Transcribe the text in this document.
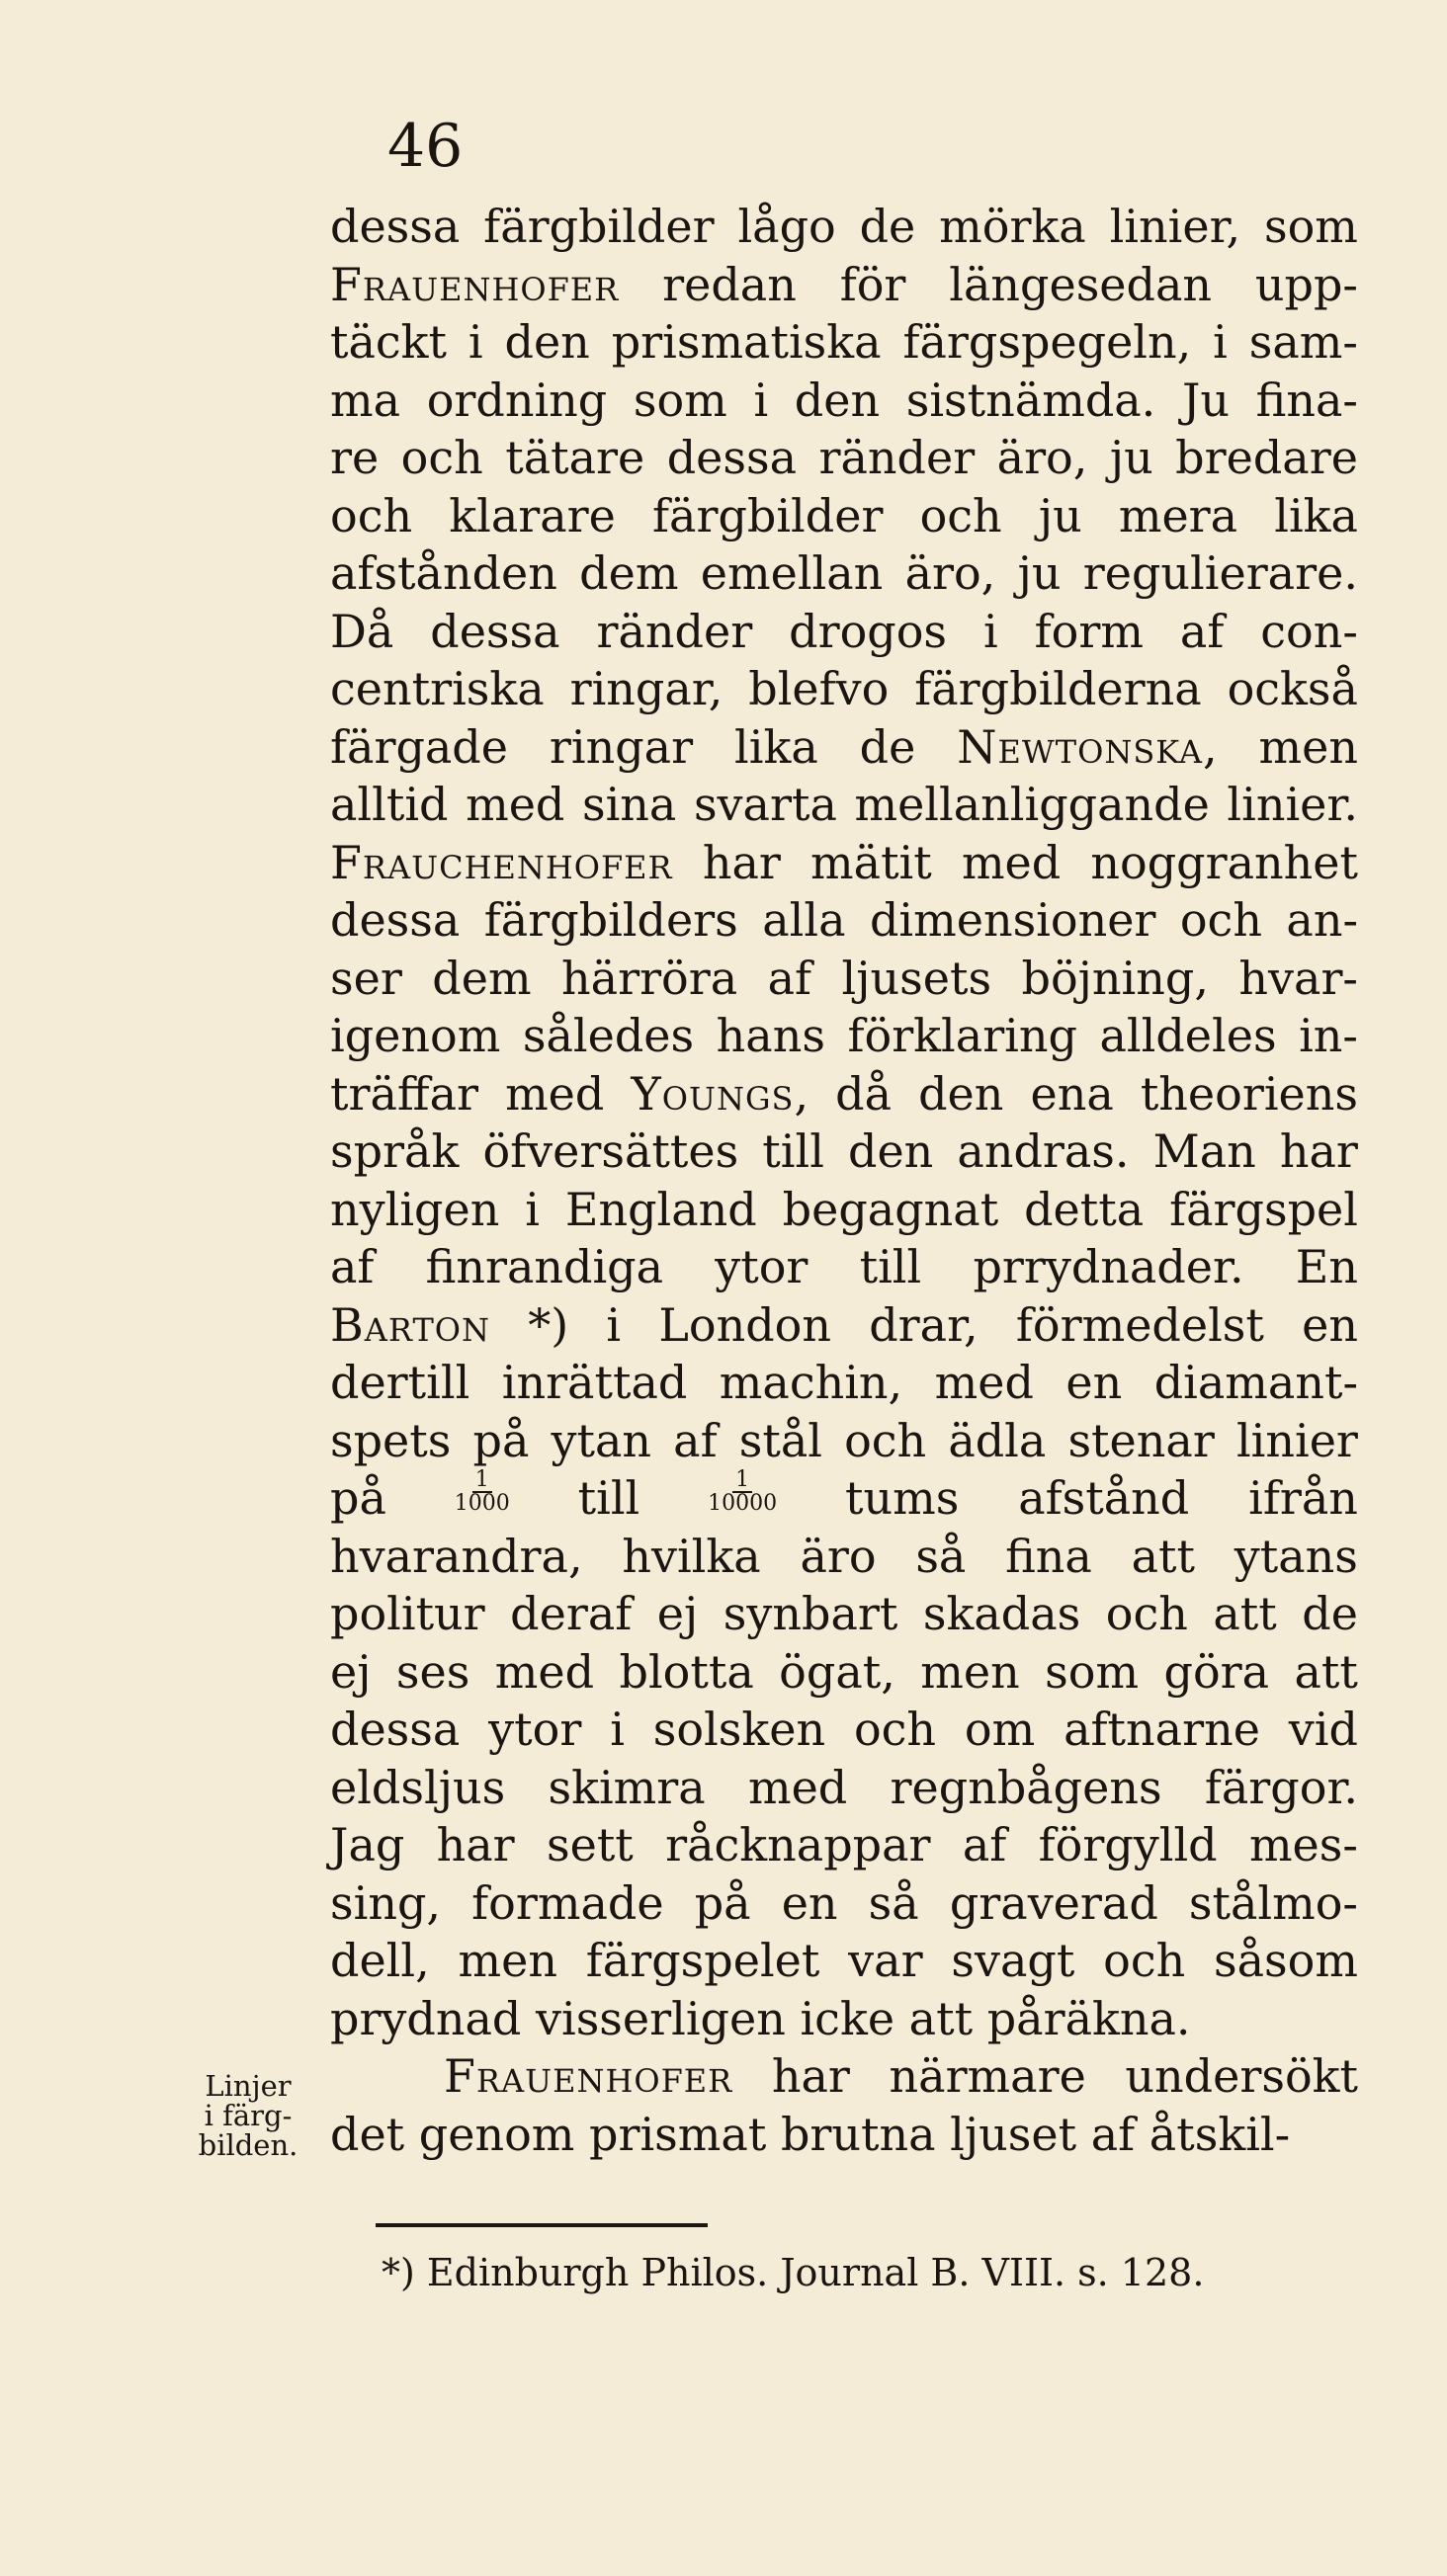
46
dessa färgbilder lågo de mörka linier, som
Frauenhofer redan för längesedan upp-
täckt i den prismatiska färgspegeln, i sam-
ma ordning som i den sistnämda. Ju fina-
re och tätare dessa ränder äro, ju bredare
och klarare färgbilder och ju mera lika
afstånden dem emellan äro, ju regulierare.
Då dessa ränder drogos i form af con-
centriska ringar, blefvo färgbilderna också
färgade ringar lika de Newtonska, men
alltid med sina svarta mellanliggande linier.
Frauchenhofer har mätit med noggranhet
dessa färgbilders alla dimensioner och an-
ser dem härröra af ljusets böjning, hvar-
igenom således hans förklaring alldeles in-
träffar med Youngs, då den ena theoriens
språk öfversättes till den andras. Man har
nyligen i England begagnat detta färgspel
af finrandiga ytor till prrydnader. En
Barton *) i London drar, förmedelst en
dertill inrättad machin, med en diamant-
spets på ytan af stål och ädla stenar linier
på	$\frac{1}{1000}$ till	$\frac{1}{10000}$ tums afstånd ifrån
hvarandra, hvilka äro så fina att ytans
politur deraf ej synbart skadas och att de
ej ses med blotta ögat, men som göra att
dessa ytor i solsken och om aftnarne vid
eldsljus skimra med regnbågens färgor.
Jag har sett råcknappar af förgylld mes-
sing, formade på en så graverad stålmo-
dell, men färgspelet var svagt och såsom
prydnad
visserligen
icke
att
påräkna.
Frauenhofer har närmare undersökt
det
genom
prismat
brutna
ljuset
af
åtskil-
Linjer
i färg-
bilden.
*) Edinburgh Philos. Journal B. VIII. s. 128.
